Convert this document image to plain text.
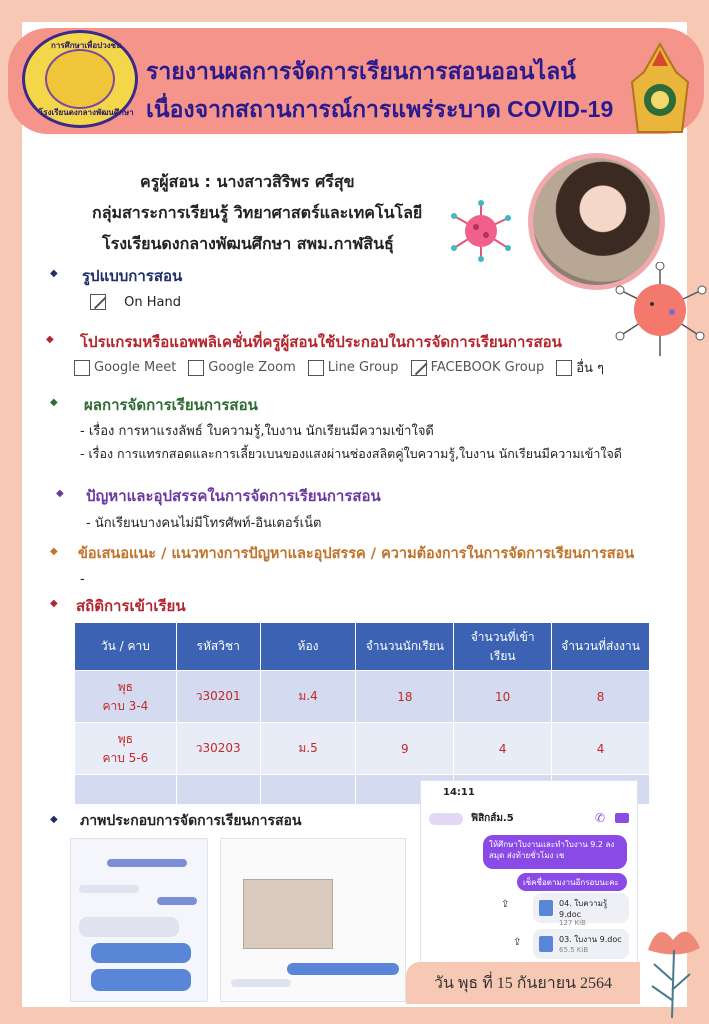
การศึกษาเพื่อปวงชน
โรงเรียนดงกลางพัฒนศึกษา
รายงานผลการจัดการเรียนการสอนออนไลน์
เนื่องจากสถานการณ์การแพร่ระบาด COVID-19
ครูผู้สอน : นางสาวสิริพร ศรีสุข
กลุ่มสาระการเรียนรู้ วิทยาศาสตร์และเทคโนโลยี
โรงเรียนดงกลางพัฒนศึกษา สพม.กาฬสินธุ์
◆ รูปแบบการสอน
On Hand
◆ โปรแกรมหรือแอพพลิเคชั่นที่ครูผู้สอนใช้ประกอบในการจัดการเรียนการสอน
Google Meet Google Zoom Line Group FACEBOOK Group อื่น ๆ
◆ ผลการจัดการเรียนการสอน
- เรื่อง การหาแรงลัพธ์ ใบความรู้,ใบงาน นักเรียนมีความเข้าใจดี
- เรื่อง การแทรกสอดและการเลี้ยวเบนของแสงผ่านช่องสลิตคู่ใบความรู้,ใบงาน นักเรียนมีความเข้าใจดี
◆ ปัญหาและอุปสรรคในการจัดการเรียนการสอน
- นักเรียนบางคนไม่มีโทรศัพท์-อินเตอร์เน็ต
◆ ข้อเสนอแนะ / แนวทางการปัญหาและอุปสรรค / ความต้องการในการจัดการเรียนการสอน
-
◆ สถิติการเข้าเรียน
วัน / คาบ	รหัสวิชา	ห้อง	จำนวนนักเรียน	จำนวนที่เข้าเรียน	จำนวนที่ส่งงาน

พุธ
คาบ 3-4	ว30201	ม.4	18	10	8

พุธ
คาบ 5-6	ว30203	ม.5	9	4	4

◆ ภาพประกอบการจัดการเรียนการสอน
14:11
ฟิสิกส์ม.5	✆
ให้ศึกษาใบงานและทำใบงาน 9.2 ลงสมุด ส่งท้ายชั่วโมง เช
เช็คชื่อตามงานอีกรอบนะคะ
⇪	04. ใบความรู้ 9.doc
127 KiB
⇪	03. ใบงาน 9.doc
65.5 KiB
วัน พุธ ที่ 15 กันยายน 2564
